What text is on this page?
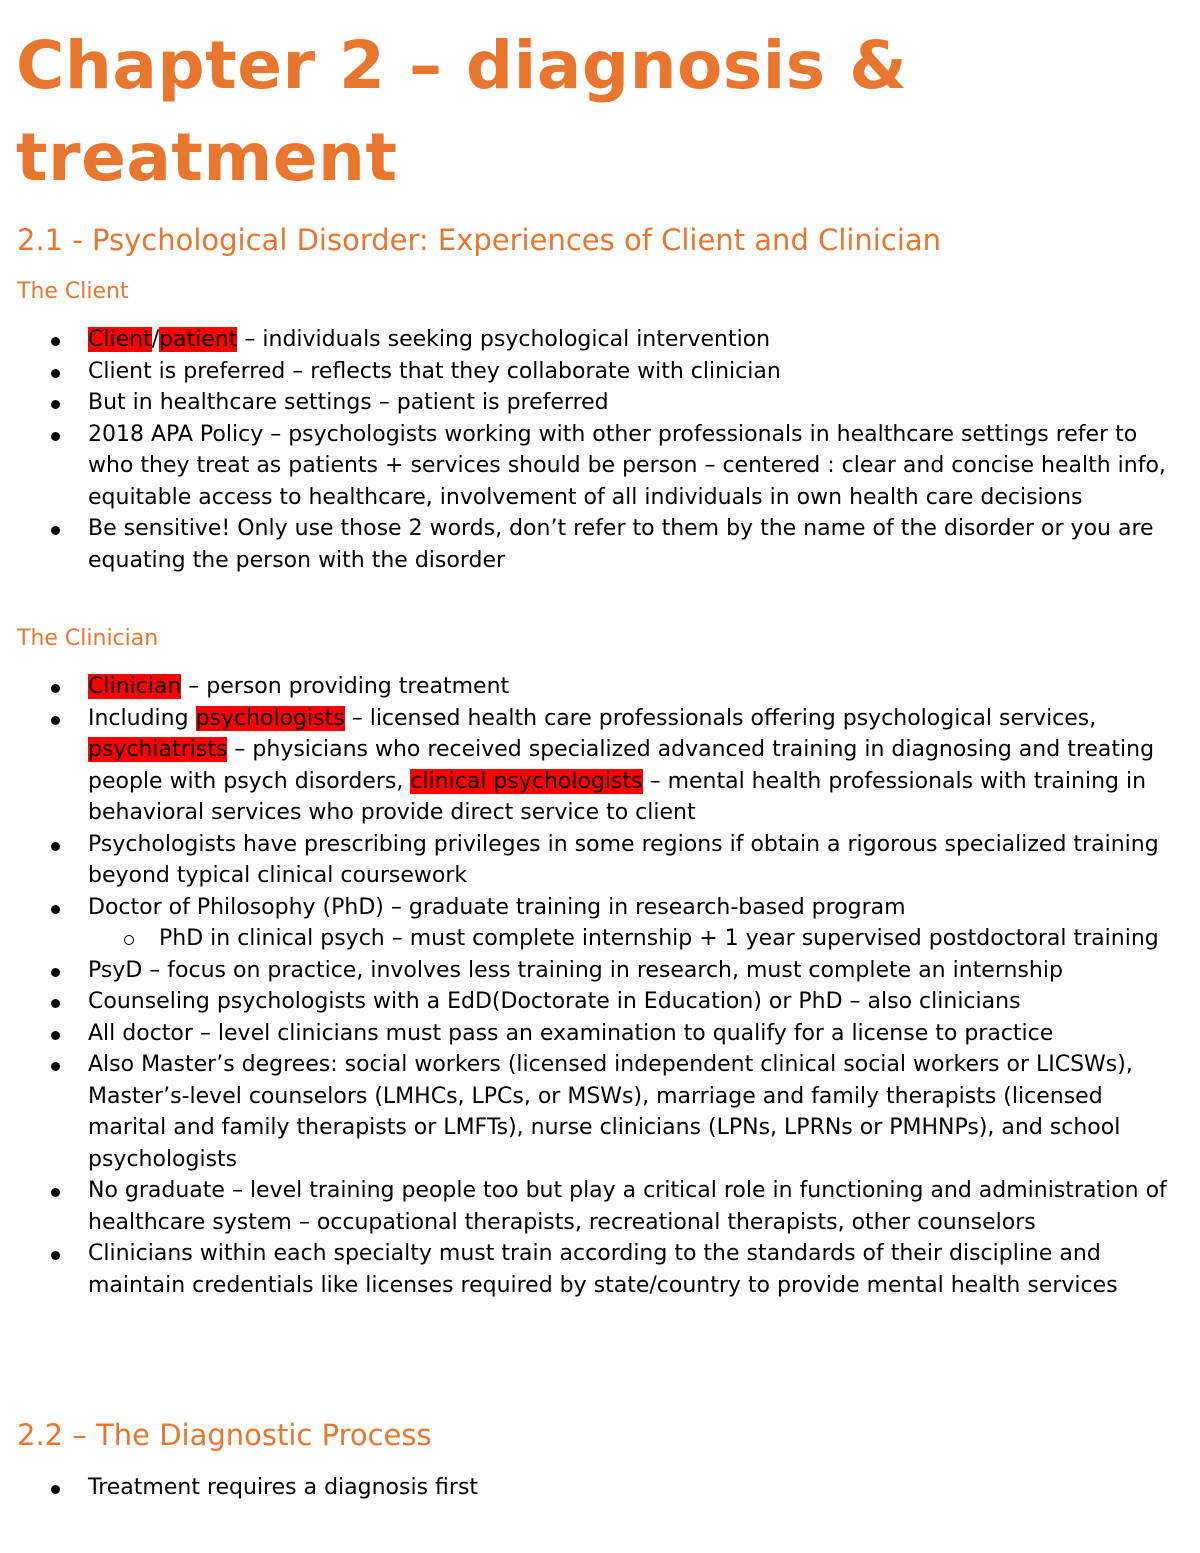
Chapter 2 – diagnosis & treatment
2.1 - Psychological Disorder: Experiences of Client and Clinician
The Client
Client/patient – individuals seeking psychological intervention
Client is preferred – reflects that they collaborate with clinician
But in healthcare settings – patient is preferred
2018 APA Policy – psychologists working with other professionals in healthcare settings refer to who they treat as patients + services should be person – centered : clear and concise health info, equitable access to healthcare, involvement of all individuals in own health care decisions
Be sensitive! Only use those 2 words, don’t refer to them by the name of the disorder or you are equating the person with the disorder
The Clinician
Clinician – person providing treatment
Including psychologists – licensed health care professionals offering psychological services, psychiatrists – physicians who received specialized advanced training in diagnosing and treating people with psych disorders, clinical psychologists – mental health professionals with training in behavioral services who provide direct service to client
Psychologists have prescribing privileges in some regions if obtain a rigorous specialized training beyond typical clinical coursework
Doctor of Philosophy (PhD) – graduate training in research-based program
PhD in clinical psych – must complete internship + 1 year supervised postdoctoral training
PsyD – focus on practice, involves less training in research, must complete an internship
Counseling psychologists with a EdD(Doctorate in Education) or PhD – also clinicians
All doctor – level clinicians must pass an examination to qualify for a license to practice
Also Master’s degrees: social workers (licensed independent clinical social workers or LICSWs), Master’s-level counselors (LMHCs, LPCs, or MSWs), marriage and family therapists (licensed marital and family therapists or LMFTs), nurse clinicians (LPNs, LPRNs or PMHNPs), and school psychologists
No graduate – level training people too but play a critical role in functioning and administration of healthcare system – occupational therapists, recreational therapists, other counselors
Clinicians within each specialty must train according to the standards of their discipline and maintain credentials like licenses required by state/country to provide mental health services
2.2 – The Diagnostic Process
Treatment requires a diagnosis first
